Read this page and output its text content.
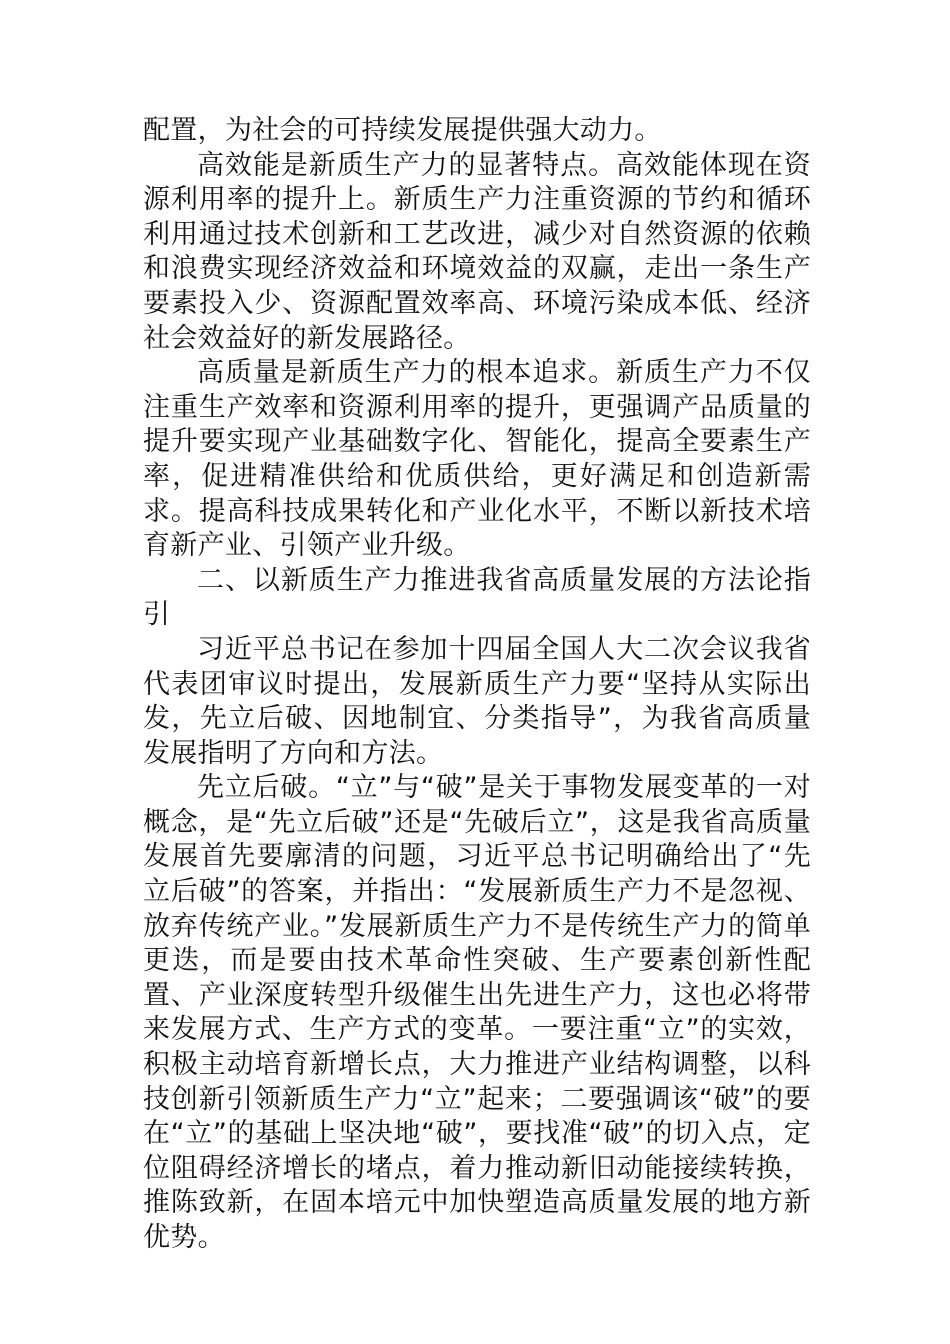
配置，为社会的可持续发展提供强大动力。

高效能是新质生产力的显著特点。高效能体现在资源利用率的提升上。新质生产力注重资源的节约和循环利用通过技术创新和工艺改进，减少对自然资源的依赖和浪费实现经济效益和环境效益的双赢，走出一条生产要素投入少、资源配置效率高、环境污染成本低、经济社会效益好的新发展路径。

高质量是新质生产力的根本追求。新质生产力不仅注重生产效率和资源利用率的提升，更强调产品质量的提升要实现产业基础数字化、智能化，提高全要素生产率，促进精准供给和优质供给，更好满足和创造新需求。提高科技成果转化和产业化水平，不断以新技术培育新产业、引领产业升级。

二、以新质生产力推进我省高质量发展的方法论指引

习近平总书记在参加十四届全国人大二次会议我省代表团审议时提出，发展新质生产力要“坚持从实际出发，先立后破、因地制宜、分类指导”，为我省高质量发展指明了方向和方法。

先立后破。“立”与“破”是关于事物发展变革的一对概念，是“先立后破”还是“先破后立”，这是我省高质量发展首先要廓清的问题，习近平总书记明确给出了“先立后破”的答案，并指出：“发展新质生产力不是忽视、放弃传统产业。”发展新质生产力不是传统生产力的简单更迭，而是要由技术革命性突破、生产要素创新性配置、产业深度转型升级催生出先进生产力，这也必将带来发展方式、生产方式的变革。一要注重“立”的实效，积极主动培育新增长点，大力推进产业结构调整，以科技创新引领新质生产力“立”起来；二要强调该“破”的要在“立”的基础上坚决地“破”，要找准“破”的切入点，定位阻碍经济增长的堵点，着力推动新旧动能接续转换，推陈致新，在固本培元中加快塑造高质量发展的地方新优势。
